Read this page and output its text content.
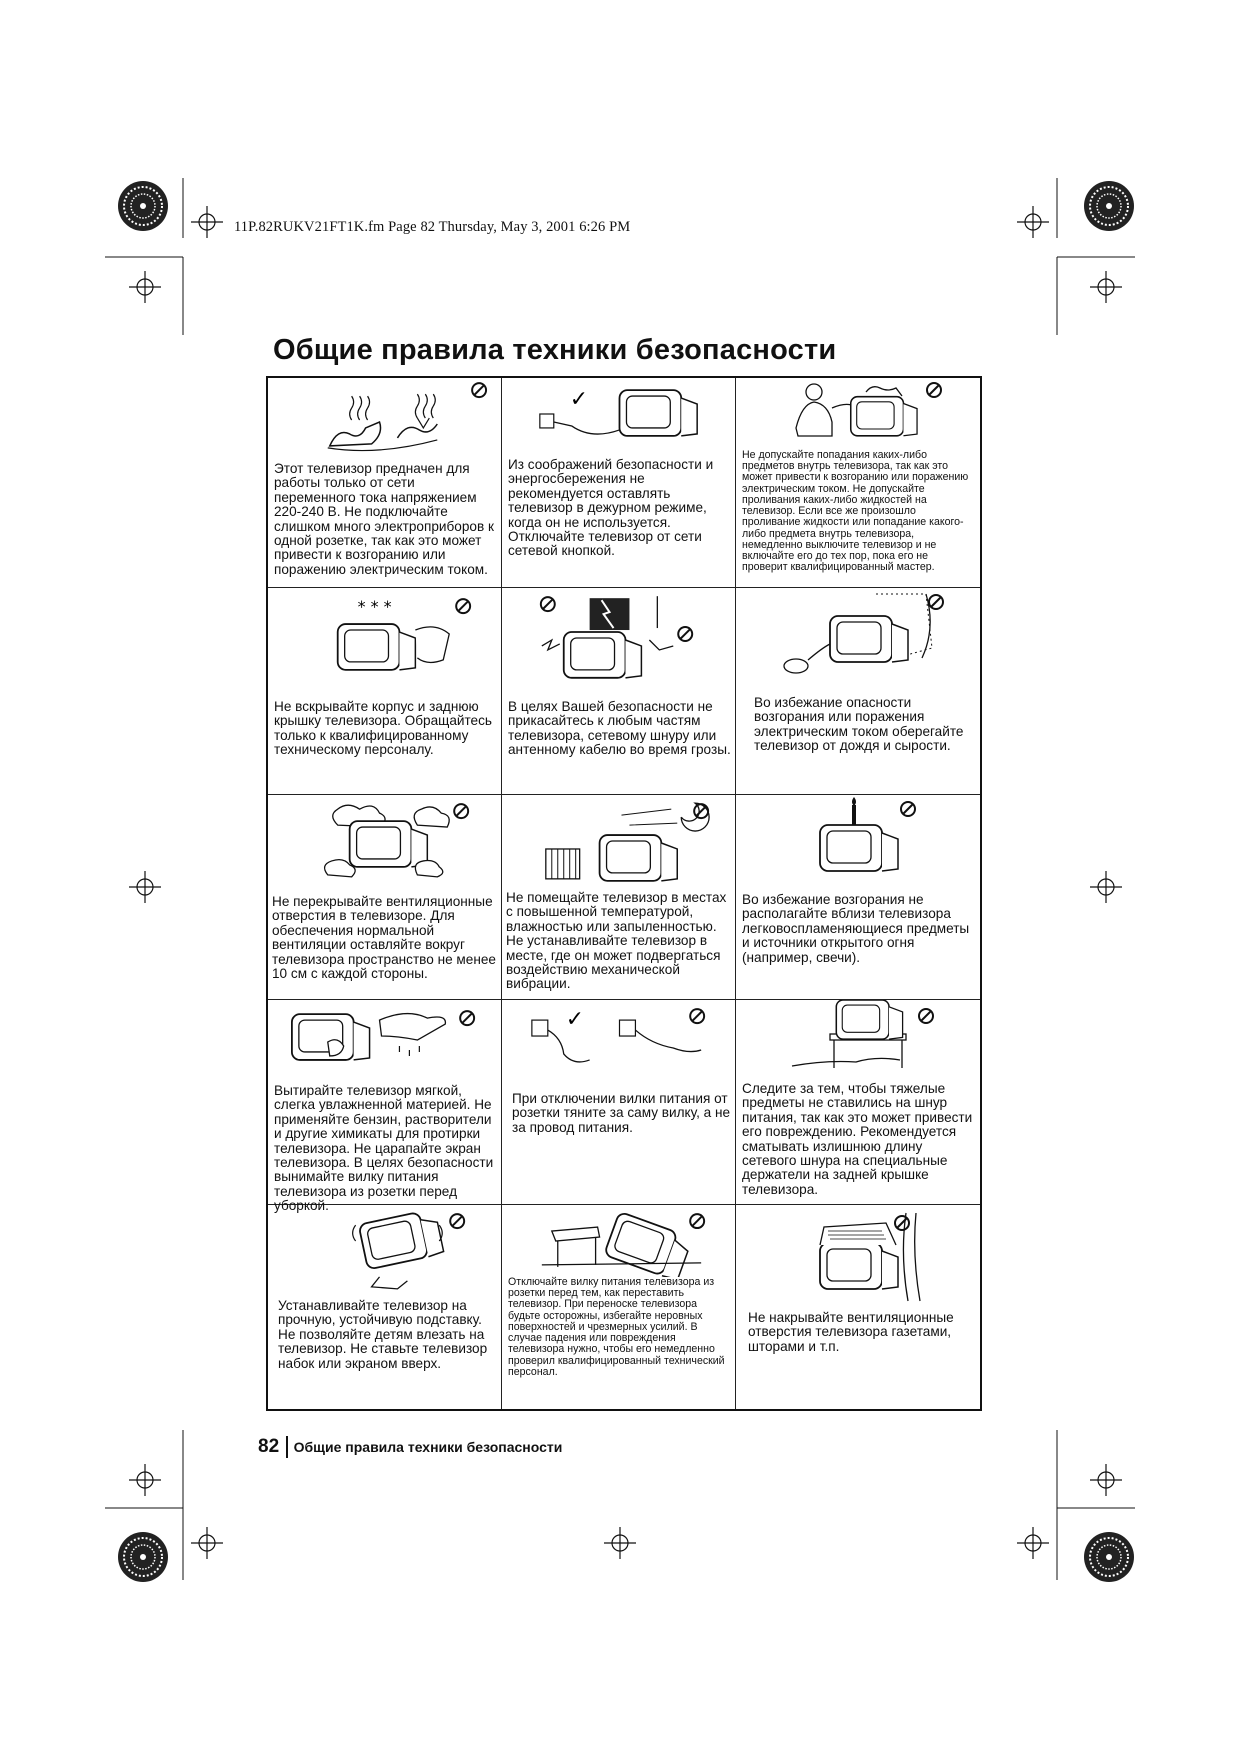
11P.82RUKV21FT1K.fm Page 82 Thursday, May 3, 2001 6:26 PM
Общие правила техники безопасности
Этот телевизор предначен для работы только от сети переменного тока напряжением 220-240 В. Не подключайте слишком много электроприборов к одной розетке, так как это может привести к возгоранию или поражению электрическим током.
✓
Из соображений безопасности и энергосбережения не рекомендуется оставлять телевизор в дежурном режиме, когда он не используется.
Отключайте телевизор от сети сетевой кнопкой.
Не допускайте попадания каких-либо предметов внутрь телевизора, так как это может привести к возгоранию или поражению электрическим током. Не допускайте проливания каких-либо жидкостей на телевизор. Если все же произошло проливание жидкости или попадание какого-либо предмета внутрь телевизора, немедленно выключите телевизор и не включайте его до тех пор, пока его не проверит квалифицированный мастер.
* * *
Не вскрывайте корпус и заднюю крышку телевизора. Обращайтесь только к квалифицированному техническому персоналу.
В целях Вашей безопасности не прикасайтесь к любым частям телевизора, сетевому шнуру или антенному кабелю во время грозы.
Во избежание опасности возгорания или поражения электрическим током оберегайте телевизор от дождя и сырости.
Не перекрывайте вентиляционные отверстия в телевизоре. Для обеспечения нормальной вентиляции оставляйте вокруг телевизора пространство не менее 10 см с каждой стороны.
Не помещайте телевизор в местах с повышенной температурой, влажностью или запыленностью. Не устанавливайте телевизор в месте, где он может подвергаться воздействию механической вибрации.
Во избежание возгорания не располагайте вблизи телевизора легковоспламеняющиеся предметы и источники открытого огня (например, свечи).
Вытирайте телевизор мягкой, слегка увлажненной материей. Не применяйте бензин, растворители и другие химикаты для протирки телевизора. Не царапайте экран телевизора. В целях безопасности вынимайте вилку питания телевизора из розетки перед уборкой.
✓
При отключении вилки питания от розетки тяните за саму вилку, а не за провод питания.
Следите за тем, чтобы тяжелые предметы не ставились на шнур питания, так как это может привести его повреждению. Рекомендуется сматывать излишнюю длину сетевого шнура на специальные держатели на задней крышке телевизора.
Устанавливайте телевизор на прочную, устойчивую подставку. Не позволяйте детям влезать на телевизор. Не ставьте телевизор набок или экраном вверх.
Отключайте вилку питания телевизора из розетки перед тем, как переставить телевизор. При переноске телевизора будьте осторожны, избегайте неровных поверхностей и чрезмерных усилий. В случае падения или повреждения телевизора нужно, чтобы его немедленно проверил квалифицированный технический персонал.
Не накрывайте вентиляционные отверстия телевизора газетами, шторами и т.п.
82 Общие правила техники безопасности
